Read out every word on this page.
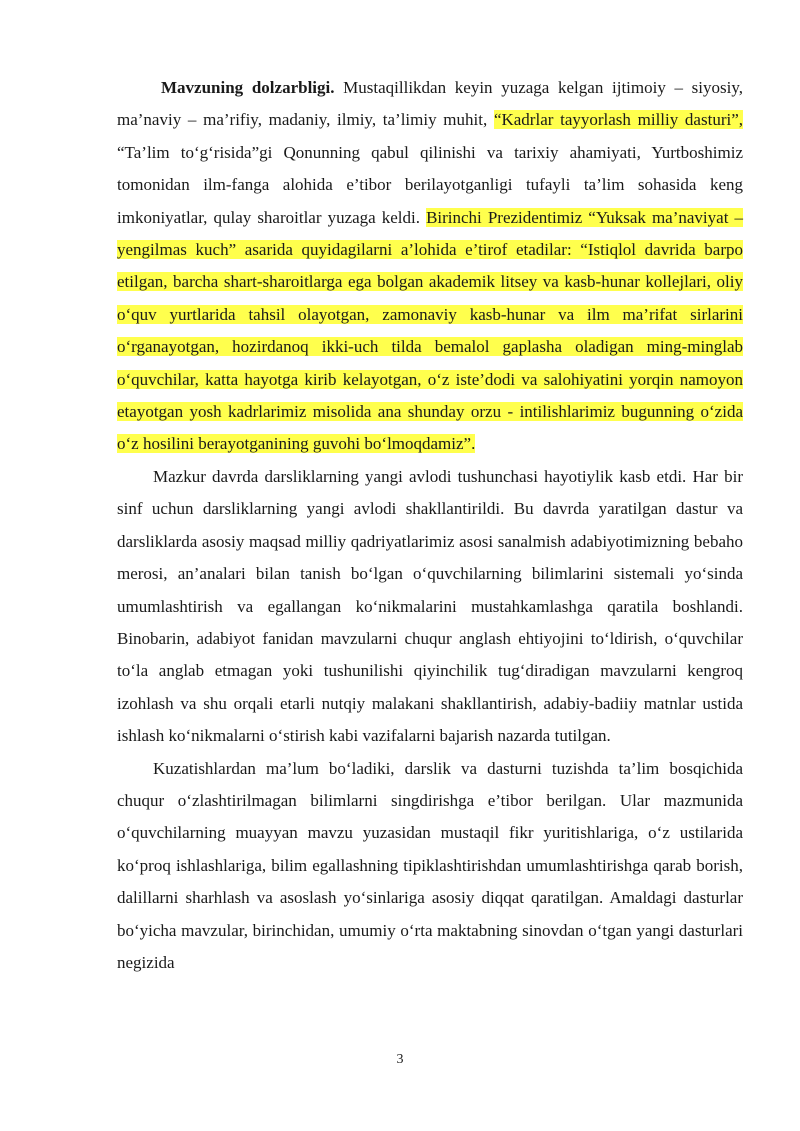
Mavzuning dolzarbligi. Mustaqillikdan keyin yuzaga kelgan ijtimoiy – siyosiy, ma’naviy – ma’rifiy, madaniy, ilmiy, ta’limiy muhit, “Kadrlar tayyorlash milliy dasturi”, “Ta’lim to‘g‘risida”gi Qonunning qabul qilinishi va tarixiy ahamiyati, Yurtboshimiz tomonidan ilm-fanga alohida e’tibor berilayotganligi tufayli ta’lim sohasida keng imkoniyatlar, qulay sharoitlar yuzaga keldi. Birinchi Prezidentimiz “Yuksak ma’naviyat – yengilmas kuch” asarida quyidagilarni a’lohida e’tirof etadilar: “Istiqlol davrida barpo etilgan, barcha shart-sharoitlarga ega bolgan akademik litsey va kasb-hunar kollejlari, oliy o‘quv yurtlarida tahsil olayotgan, zamonaviy kasb-hunar va ilm ma’rifat sirlarini o‘rganayotgan, hozirdanoq ikki-uch tilda bemalol gaplasha oladigan ming-minglab o‘quvchilar, katta hayotga kirib kelayotgan, o‘z iste’dodi va salohiyatini yorqin namoyon etayotgan yosh kadrlarimiz misolida ana shunday orzu - intilishlarimiz bugunning o‘zida o‘z hosilini berayotganining guvohi bo‘lmoqdamiz”.

Mazkur davrda darsliklarning yangi avlodi tushunchasi hayotiylik kasb etdi. Har bir sinf uchun darsliklarning yangi avlodi shakllantirildi. Bu davrda yaratilgan dastur va darsliklarda asosiy maqsad milliy qadriyatlarimiz asosi sanalmish adabiyotimizning bebaho merosi, an’analari bilan tanish bo‘lgan o‘quvchilarning bilimlarini sistemali yo‘sinda umumlashtirish va egallangan ko‘nikmalarini mustahkamlashga qaratila boshlandi. Binobarin, adabiyot fanidan mavzularni chuqur anglash ehtiyojini to‘ldirish, o‘quvchilar to‘la anglab etmagan yoki tushunilishi qiyinchilik tug‘diradigan mavzularni kengroq izohlash va shu orqali etarli nutqiy malakani shakllantirish, adabiy-badiiy matnlar ustida ishlash ko‘nikmalarni o‘stirish kabi vazifalarni bajarish nazarda tutilgan.

Kuzatishlardan ma’lum bo‘ladiki, darslik va dasturni tuzishda ta’lim bosqichida chuqur o‘zlashtirilmagan bilimlarni singdirishga e’tibor berilgan. Ular mazmunida o‘quvchilarning muayyan mavzu yuzasidan mustaqil fikr yuritishlariga, o‘z ustilarida ko‘proq ishlashlariga, bilim egallashning tipiklashtirishdan umumlashtirishga qarab borish, dalillarni sharhlash va asoslash yo‘sinlariga asosiy diqqat qaratilgan. Amaldagi dasturlar bo‘yicha mavzular, birinchidan, umumiy o‘rta maktabning sinovdan o‘tgan yangi dasturlari negizida

3
